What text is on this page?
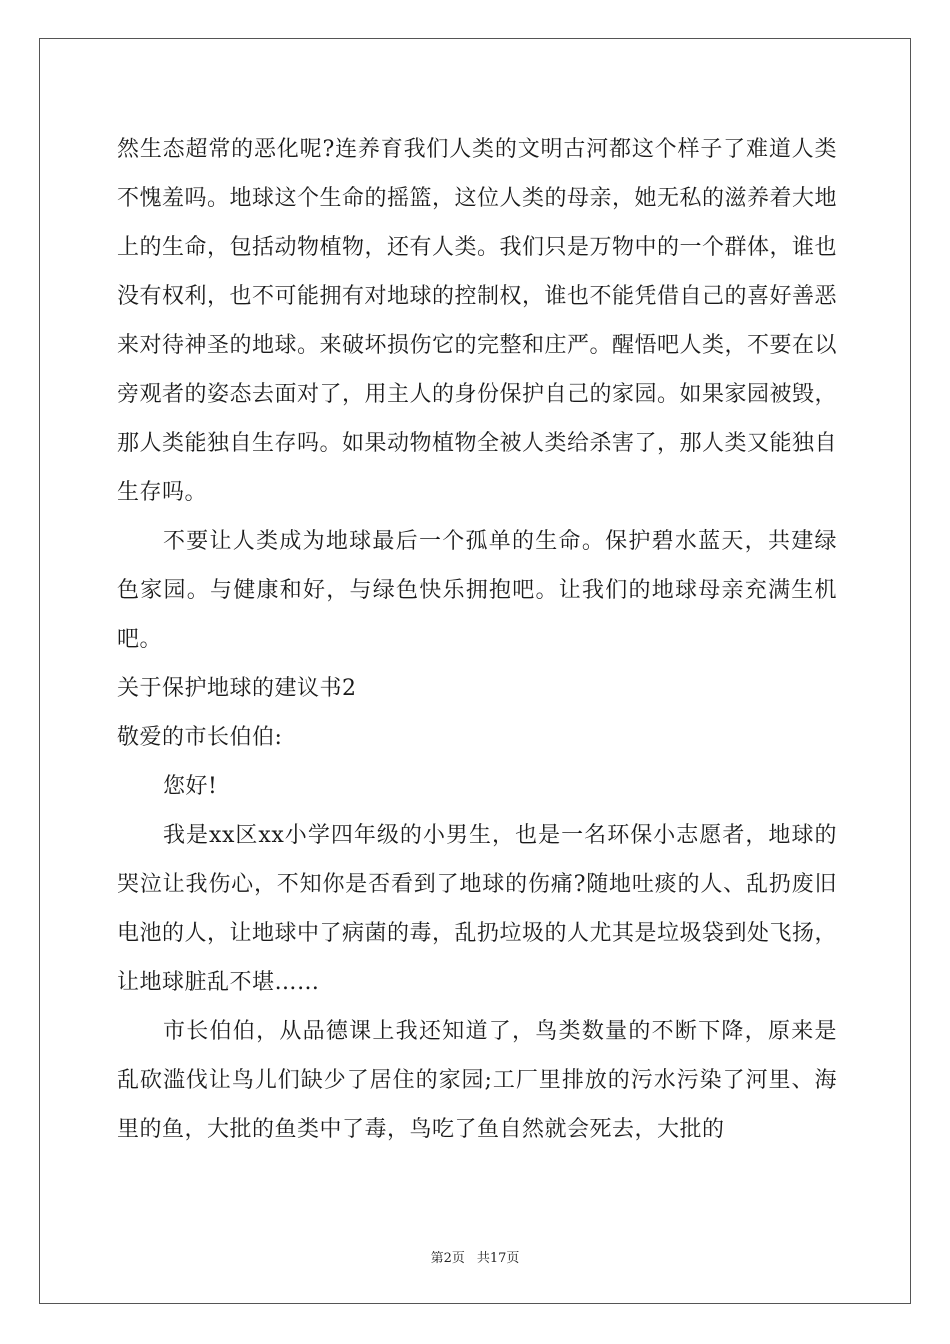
然生态超常的恶化呢?连养育我们人类的文明古河都这个样子了难道人类不愧羞吗。地球这个生命的摇篮，这位人类的母亲，她无私的滋养着大地上的生命，包括动物植物，还有人类。我们只是万物中的一个群体，谁也没有权利，也不可能拥有对地球的控制权，谁也不能凭借自己的喜好善恶来对待神圣的地球。来破坏损伤它的完整和庄严。醒悟吧人类，不要在以旁观者的姿态去面对了，用主人的身份保护自己的家园。如果家园被毁，那人类能独自生存吗。如果动物植物全被人类给杀害了，那人类又能独自生存吗。

不要让人类成为地球最后一个孤单的生命。保护碧水蓝天，共建绿色家园。与健康和好，与绿色快乐拥抱吧。让我们的地球母亲充满生机吧。

关于保护地球的建议书2

敬爱的市长伯伯:

您好!

我是xx区xx小学四年级的小男生，也是一名环保小志愿者，地球的哭泣让我伤心，不知你是否看到了地球的伤痛?随地吐痰的人、乱扔废旧电池的人，让地球中了病菌的毒，乱扔垃圾的人尤其是垃圾袋到处飞扬，让地球脏乱不堪……

市长伯伯，从品德课上我还知道了，鸟类数量的不断下降，原来是乱砍滥伐让鸟儿们缺少了居住的家园;工厂里排放的污水污染了河里、海里的鱼，大批的鱼类中了毒，鸟吃了鱼自然就会死去，大批的

第2页 共17页
